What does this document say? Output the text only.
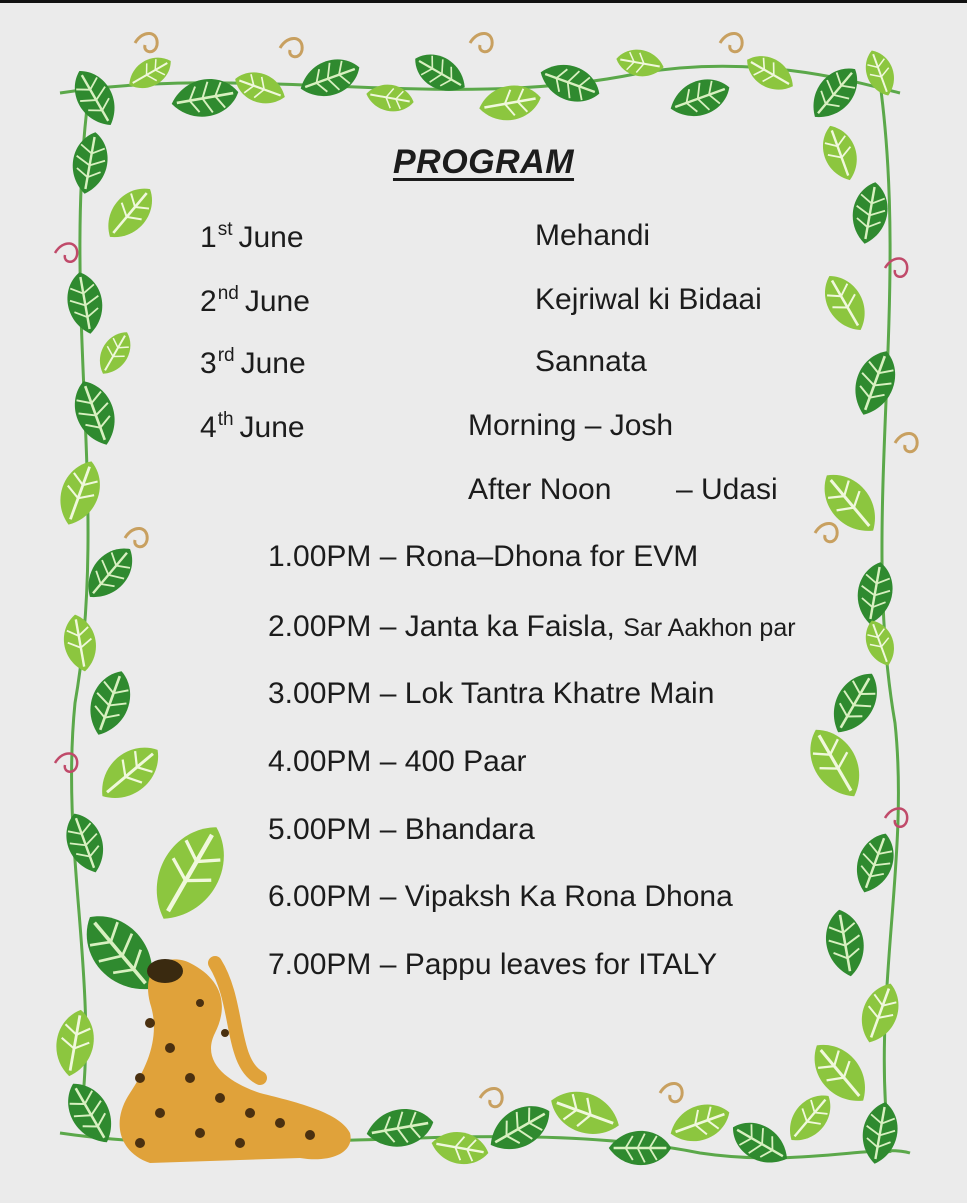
PROGRAM
1st June	Mehandi
2nd June	Kejriwal ki Bidaai
3rd June	Sannata
4th June	Morning – Josh
After Noon – Udasi
1.00PM – Rona–Dhona for EVM
2.00PM – Janta ka Faisla, Sar Aakhon par
3.00PM – Lok Tantra Khatre Main
4.00PM – 400 Paar
5.00PM – Bhandara
6.00PM – Vipaksh Ka Rona Dhona
7.00PM – Pappu leaves for ITALY
